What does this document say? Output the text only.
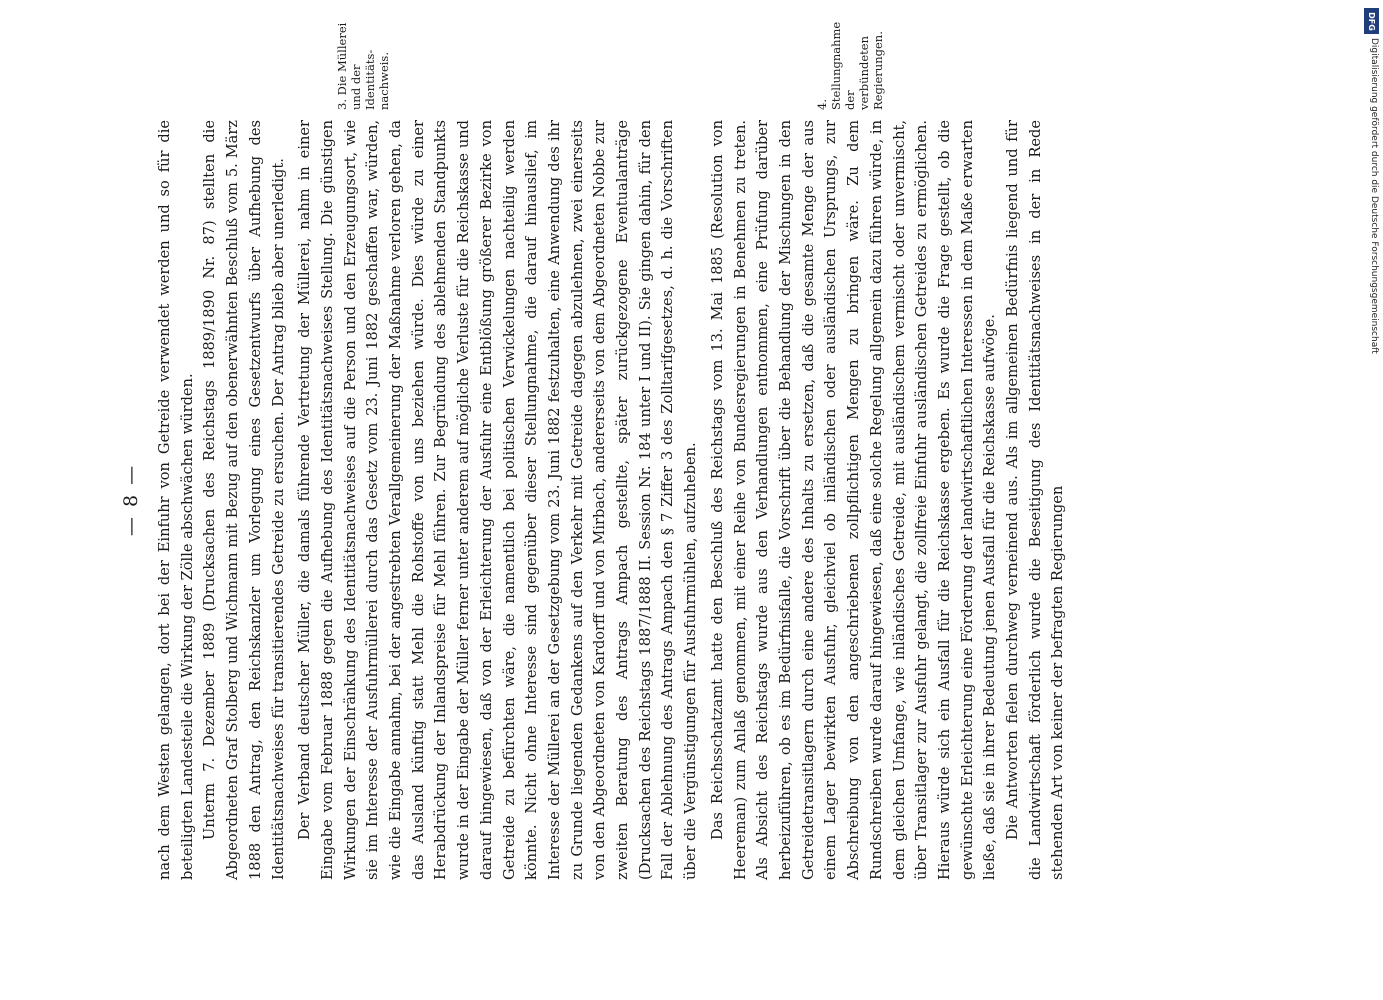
— 8 — nach dem Westen gelangen, dort bei der Einfuhr von Getreide verwendet werden und so für die beteiligten Landesteile die Wirkung der Zölle abschwächen würden. Unterm 7. Dezember 1889 (Drucksachen des Reichstags 1889/1890 Nr. 87) stellten die Abgeordneten Graf Stolberg und Wichmann mit Bezug auf den obenerwähnten Beschluß vom 5. März 1888 den Antrag, den Reichskanzler um Vorlegung eines Gesetzentwurfs über Aufhebung des Identitätsnachweises für transitierendes Getreide zu ersuchen. Der Antrag blieb aber unerledigt. Der Verband deutscher Müller, die damals führende Vertretung der Müllerei, nahm in einer Eingabe vom Februar 1888 gegen die Aufhebung des Identitätsnachweises Stellung. Die günstigen Wirkungen der Einschränkung des Identitätsnachweises auf die Person und den Erzeugungsort, wie sie im Interesse der Ausfuhrmüllerei durch das Gesetz vom 23. Juni 1882 geschaffen war, würden, wie die Eingabe annahm, bei der angestrebten Verallgemeinerung der Maßnahme verloren gehen, da das Ausland künftig statt Mehl die Rohstoffe von uns beziehen würde. Dies würde zu einer Herabdrückung der Inlandspreise für Mehl führen. Zur Begründung des ablehnenden Standpunkts wurde in der Eingabe der Müller ferner unter anderem auf mögliche Verluste für die Reichskasse und darauf hingewiesen, daß von der Erleichterung der Ausfuhr eine Entblößung größerer Bezirke von Getreide zu befürchten wäre, die namentlich bei politischen Verwickelungen nachteilig werden könnte. Nicht ohne Interesse sind gegenüber dieser Stellungnahme, die darauf hinauslief, im Interesse der Müllerei an der Gesetzgebung vom 23. Juni 1882 festzuhalten, eine Anwendung des ihr zu Grunde liegenden Gedankens auf den Verkehr mit Getreide dagegen abzulehnen, zwei einerseits von den Abgeordneten von Kardorff und von Mirbach, andererseits von dem Abgeordneten Nobbe zur zweiten Beratung des Antrags Ampach gestellte, später zurückgezogene Eventualanträge (Drucksachen des Reichstags 1887/1888 II. Session Nr. 184 unter I und II). Sie gingen dahin, für den Fall der Ablehnung des Antrags Ampach den § 7 Ziffer 3 des Zolltarifgesetzes, d. h. die Vorschriften über die Vergünstigungen für Ausfuhrmühlen, aufzuheben. Das Reichsschatzamt hatte den Beschluß des Reichstags vom 13. Mai 1885 (Resolution von Heereman) zum Anlaß genommen, mit einer Reihe von Bundesregierungen in Benehmen zu treten. Als Absicht des Reichstags wurde aus den Verhandlungen entnommen, eine Prüfung darüber herbeizuführen, ob es im Bedürfnisfalle, die Vorschrift über die Behandlung der Mischungen in den Getreidetransitlagern durch eine andere des Inhalts zu ersetzen, daß die gesamte Menge der aus einem Lager bewirkten Ausfuhr, gleichviel ob inländischen oder ausländischen Ursprungs, zur Abschreibung von den angeschriebenen zollpflichtigen Mengen zu bringen wäre. Zu dem Rundschreiben wurde darauf hingewiesen, daß eine solche Regelung allgemein dazu führen würde, in dem gleichen Umfange, wie inländisches Getreide, mit ausländischem vermischt oder unvermischt, über Transitlager zur Ausfuhr gelangt, die zollfreie Einfuhr ausländischen Getreides zu ermöglichen. Hieraus würde sich ein Ausfall für die Reichskasse ergeben. Es wurde die Frage gestellt, ob die gewünschte Erleichterung eine Förderung der landwirtschaftlichen Interessen in dem Maße erwarten ließe, daß sie in ihrer Bedeutung jenen Ausfall für die Reichskasse aufwöge. Die Antworten fielen durchweg verneinend aus. Als im allgemeinen Bedürfnis liegend und für die Landwirtschaft förderlich wurde die Beseitigung des Identitätsnachweises in der in Rede stehenden Art von keiner der befragten Regierungen

3. Die Müllerei und der Identitätsnachweis.	4. Stellungnahme der verbündeten Regierungen.
DFG
Digitalisierung gefördert durch die Deutsche Forschungsgemeinschaft
